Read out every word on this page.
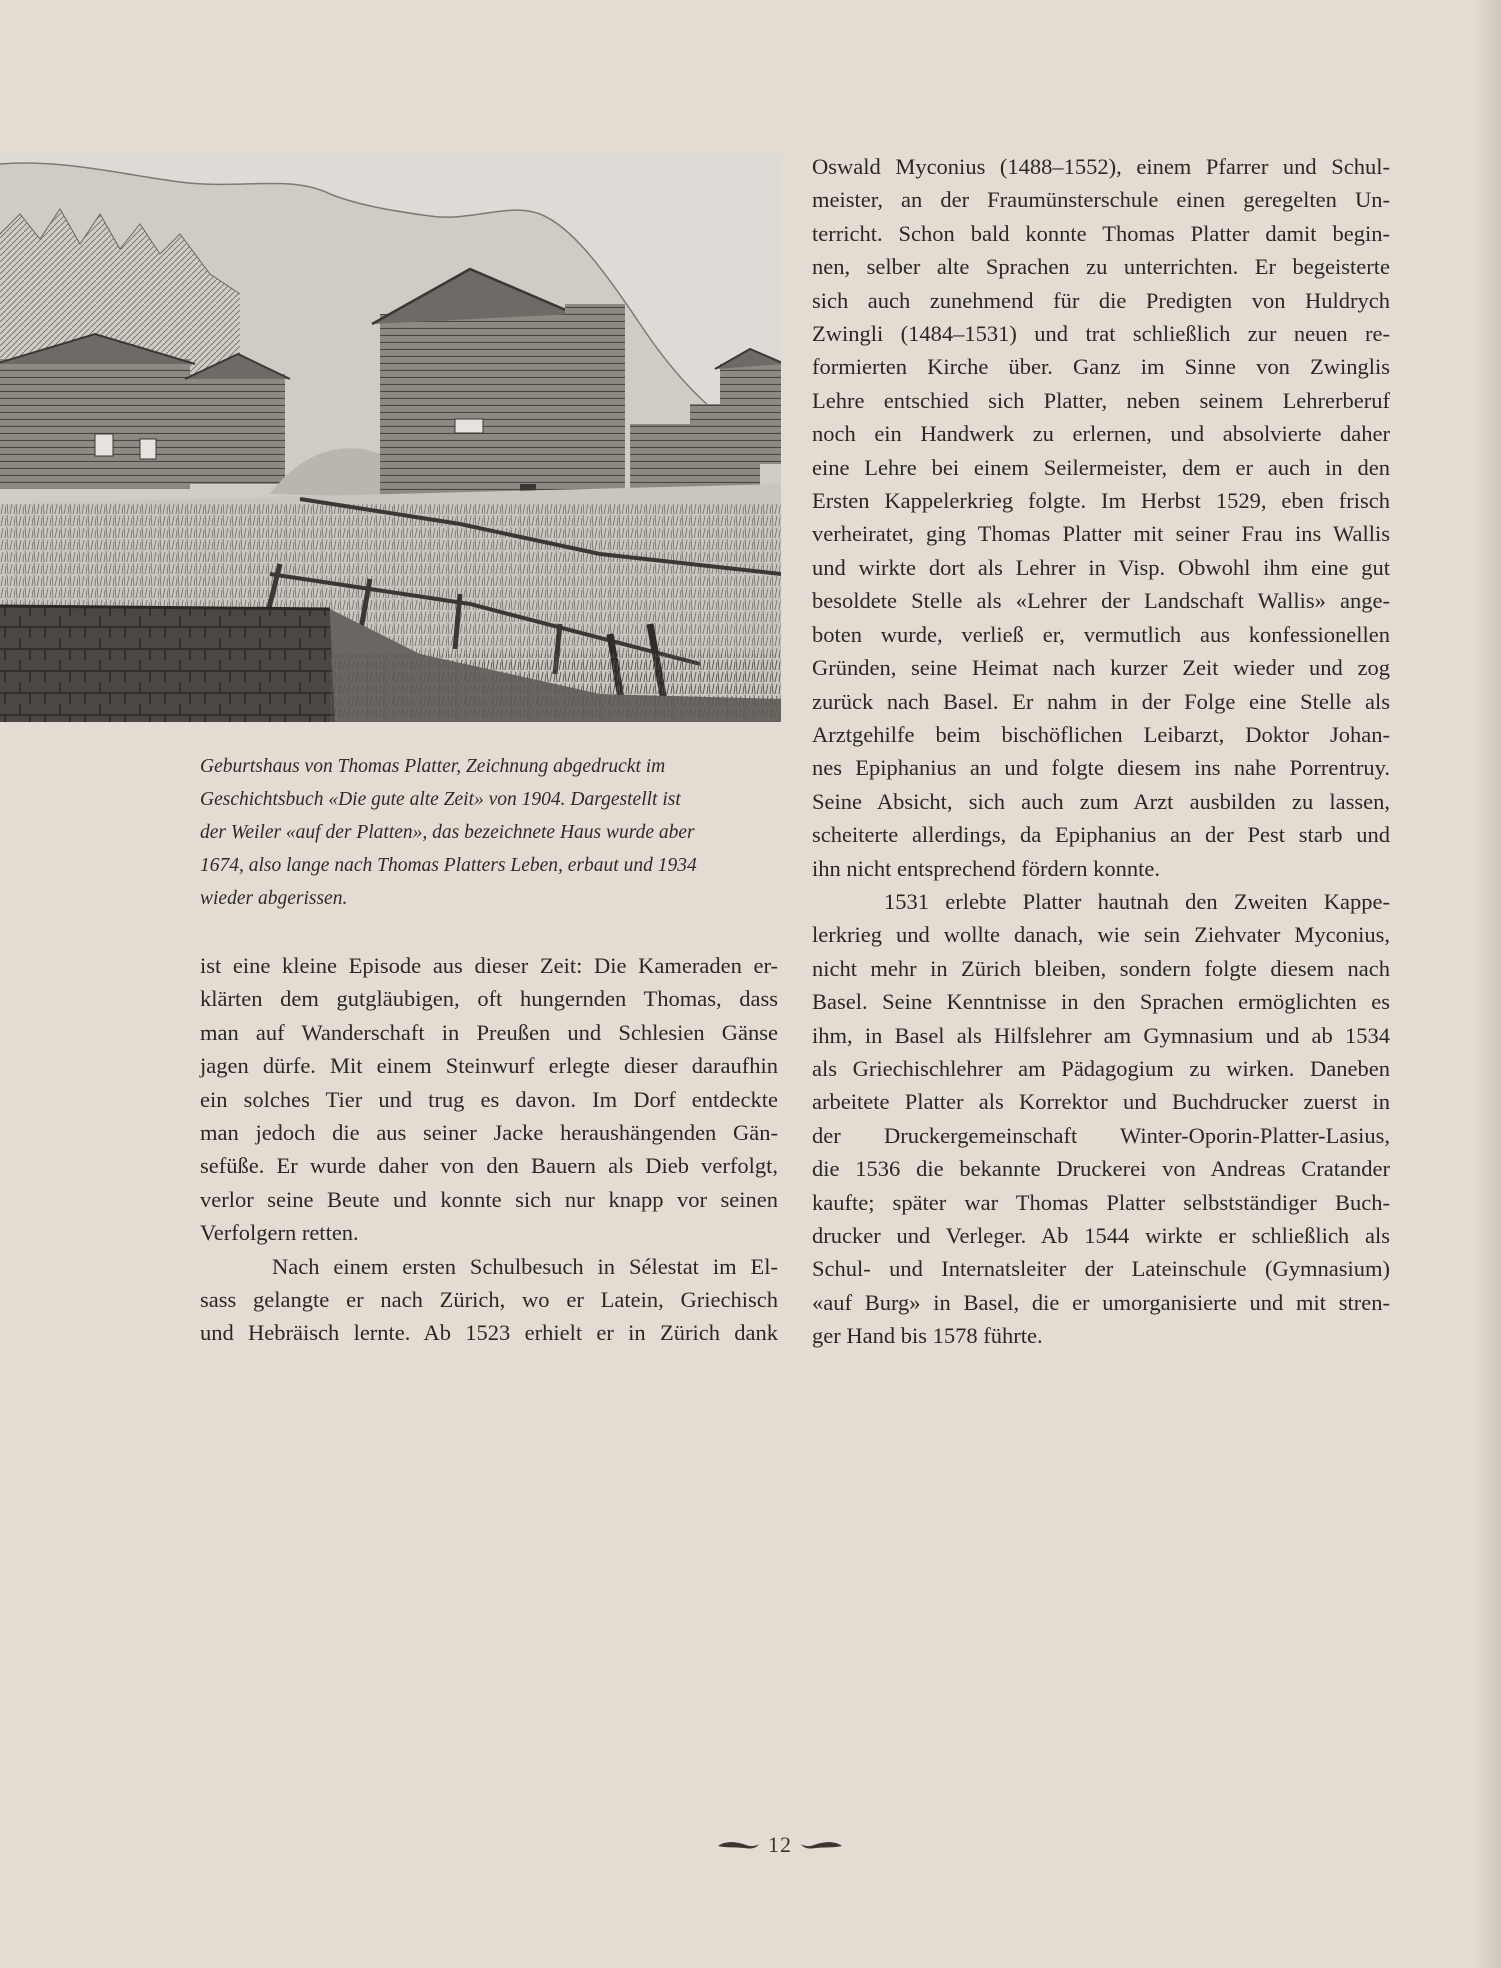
Geburtshaus von Thomas Platter, Zeichnung abgedruckt im

Geschichtsbuch «Die gute alte Zeit» von 1904. Dargestellt ist

der Weiler «auf der Platten», das bezeichnete Haus wurde aber

1674, also lange nach Thomas Platters Leben, erbaut und 1934

wieder abgerissen.

ist eine kleine Episode aus dieser Zeit: Die Kameraden er-
klärten dem gutgläubigen, oft hungernden Thomas, dass
man auf Wanderschaft in Preußen und Schlesien Gänse
jagen dürfe. Mit einem Steinwurf erlegte dieser daraufhin
ein solches Tier und trug es davon. Im Dorf entdeckte
man jedoch die aus seiner Jacke heraushängenden Gän-
sefüße. Er wurde daher von den Bauern als Dieb verfolgt,
verlor seine Beute und konnte sich nur knapp vor seinen
Verfolgern retten.

Nach einem ersten Schulbesuch in Sélestat im El-
sass gelangte er nach Zürich, wo er Latein, Griechisch
und Hebräisch lernte. Ab 1523 erhielt er in Zürich dank

Oswald Myconius (1488–1552), einem Pfarrer und Schul-
meister, an der Fraumünsterschule einen geregelten Un-
terricht. Schon bald konnte Thomas Platter damit begin-
nen, selber alte Sprachen zu unterrichten. Er begeisterte
sich auch zunehmend für die Predigten von Huldrych
Zwingli (1484–1531) und trat schließlich zur neuen re-
formierten Kirche über. Ganz im Sinne von Zwinglis
Lehre entschied sich Platter, neben seinem Lehrerberuf
noch ein Handwerk zu erlernen, und absolvierte daher
eine Lehre bei einem Seilermeister, dem er auch in den
Ersten Kappelerkrieg folgte. Im Herbst 1529, eben frisch
verheiratet, ging Thomas Platter mit seiner Frau ins Wallis
und wirkte dort als Lehrer in Visp. Obwohl ihm eine gut
besoldete Stelle als «Lehrer der Landschaft Wallis» ange-
boten wurde, verließ er, vermutlich aus konfessionellen
Gründen, seine Heimat nach kurzer Zeit wieder und zog
zurück nach Basel. Er nahm in der Folge eine Stelle als
Arztgehilfe beim bischöflichen Leibarzt, Doktor Johan-
nes Epiphanius an und folgte diesem ins nahe Porrentruy.
Seine Absicht, sich auch zum Arzt ausbilden zu lassen,
scheiterte allerdings, da Epiphanius an der Pest starb und
ihn nicht entsprechend fördern konnte.

1531 erlebte Platter hautnah den Zweiten Kappe-
lerkrieg und wollte danach, wie sein Ziehvater Myconius,
nicht mehr in Zürich bleiben, sondern folgte diesem nach
Basel. Seine Kenntnisse in den Sprachen ermöglichten es
ihm, in Basel als Hilfslehrer am Gymnasium und ab 1534
als Griechischlehrer am Pädagogium zu wirken. Daneben
arbeitete Platter als Korrektor und Buchdrucker zuerst in
der Druckergemeinschaft Winter-Oporin-Platter-Lasius,
die 1536 die bekannte Druckerei von Andreas Cratander
kaufte; später war Thomas Platter selbstständiger Buch-
drucker und Verleger. Ab 1544 wirkte er schließlich als
Schul- und Internatsleiter der Lateinschule (Gymnasium)
«auf Burg» in Basel, die er umorganisierte und mit stren-
ger Hand bis 1578 führte.

12
